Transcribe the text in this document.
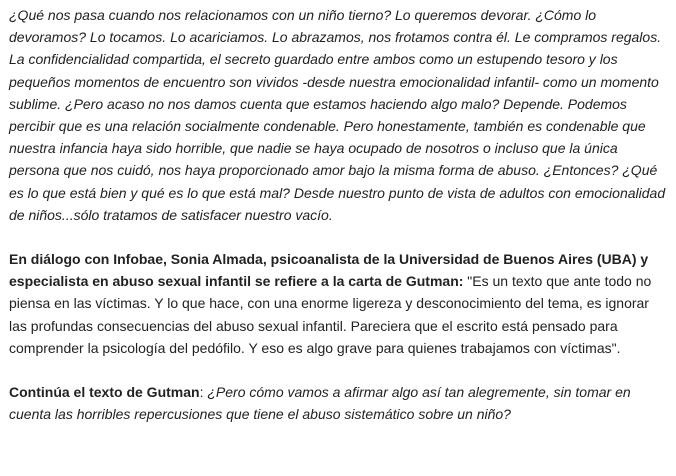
¿Qué nos pasa cuando nos relacionamos con un niño tierno? Lo queremos devorar. ¿Cómo lo devoramos? Lo tocamos. Lo acariciamos. Lo abrazamos, nos frotamos contra él. Le compramos regalos. La confidencialidad compartida, el secreto guardado entre ambos como un estupendo tesoro y los pequeños momentos de encuentro son vividos -desde nuestra emocionalidad infantil- como un momento sublime. ¿Pero acaso no nos damos cuenta que estamos haciendo algo malo? Depende. Podemos percibir que es una relación socialmente condenable. Pero honestamente, también es condenable que nuestra infancia haya sido horrible, que nadie se haya ocupado de nosotros o incluso que la única persona que nos cuidó, nos haya proporcionado amor bajo la misma forma de abuso. ¿Entonces? ¿Qué es lo que está bien y qué es lo que está mal? Desde nuestro punto de vista de adultos con emocionalidad de niños...sólo tratamos de satisfacer nuestro vacío.

En diálogo con Infobae, Sonia Almada, psicoanalista de la Universidad de Buenos Aires (UBA) y especialista en abuso sexual infantil se refiere a la carta de Gutman: "Es un texto que ante todo no piensa en las víctimas. Y lo que hace, con una enorme ligereza y desconocimiento del tema, es ignorar las profundas consecuencias del abuso sexual infantil. Pareciera que el escrito está pensado para comprender la psicología del pedófilo. Y eso es algo grave para quienes trabajamos con víctimas".

Continúa el texto de Gutman: ¿Pero cómo vamos a afirmar algo así tan alegremente, sin tomar en cuenta las horribles repercusiones que tiene el abuso sistemático sobre un niño?
